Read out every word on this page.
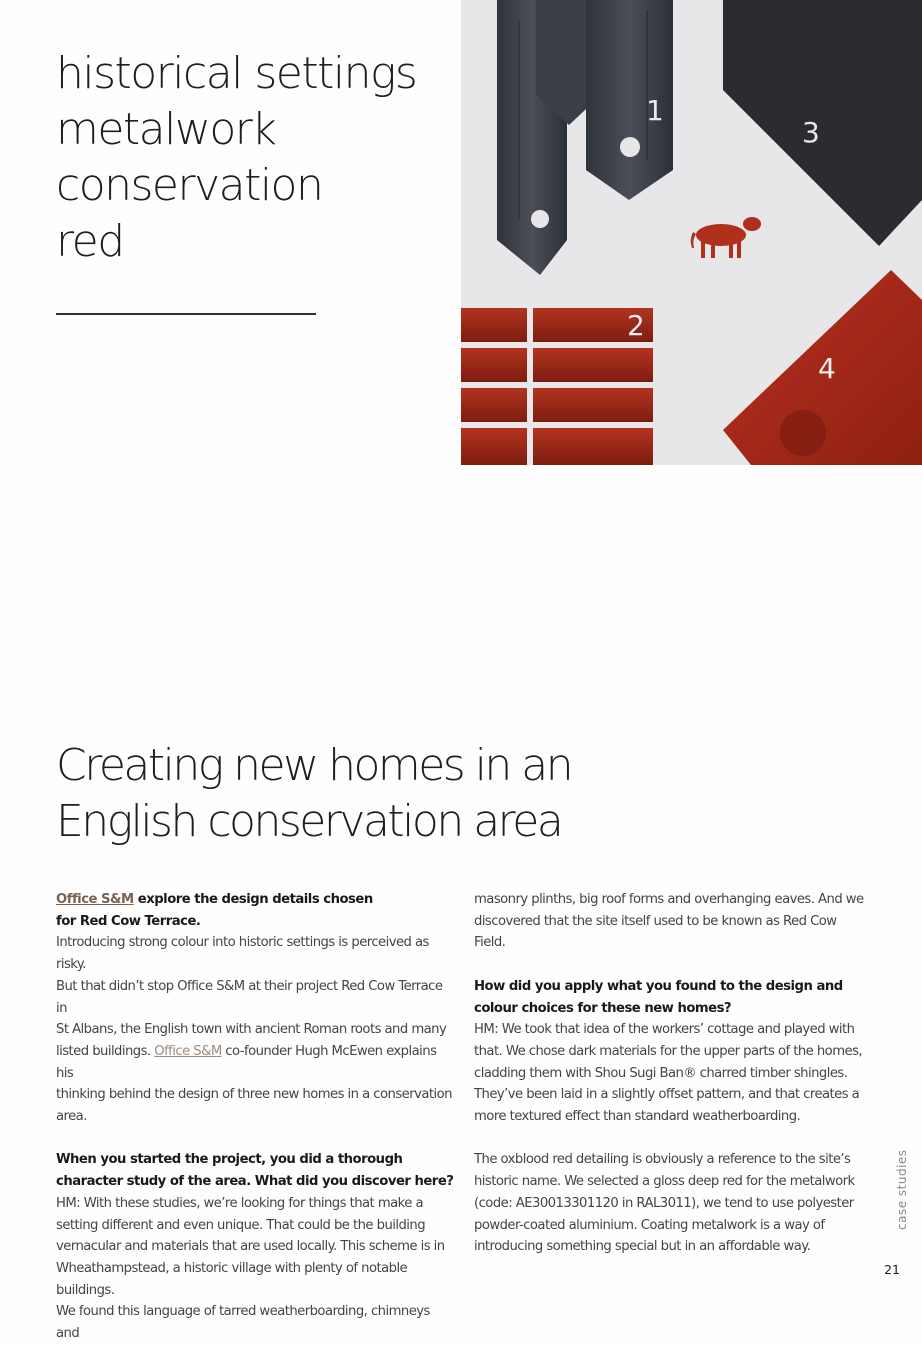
historical settings
metalwork
conservation
red
1
2
3
4
Creating new homes in an
English conservation area

Office S&M explore the design details chosen

for Red Cow Terrace.

Introducing strong colour into historic settings is perceived as risky.

But that didn’t stop Office S&M at their project Red Cow Terrace in

St Albans, the English town with ancient Roman roots and many

listed buildings. Office S&M co-founder Hugh McEwen explains his

thinking behind the design of three new homes in a conservation

area.

When you started the project, you did a thorough

character study of the area. What did you discover here?

HM: With these studies, we’re looking for things that make a

setting different and even unique. That could be the building

vernacular and materials that are used locally. This scheme is in

Wheathampstead, a historic village with plenty of notable buildings.

We found this language of tarred weatherboarding, chimneys and

masonry plinths, big roof forms and overhanging eaves. And we

discovered that the site itself used to be known as Red Cow Field.

How did you apply what you found to the design and

colour choices for these new homes?

HM: We took that idea of the workers’ cottage and played with

that. We chose dark materials for the upper parts of the homes,

cladding them with Shou Sugi Ban® charred timber shingles.

They’ve been laid in a slightly offset pattern, and that creates a

more textured effect than standard weatherboarding.

The oxblood red detailing is obviously a reference to the site’s

historic name. We selected a gloss deep red for the metalwork

(code: AE30013301120 in RAL3011), we tend to use polyester

powder-coated aluminium. Coating metalwork is a way of

introducing something special but in an affordable way.

case studies
21
